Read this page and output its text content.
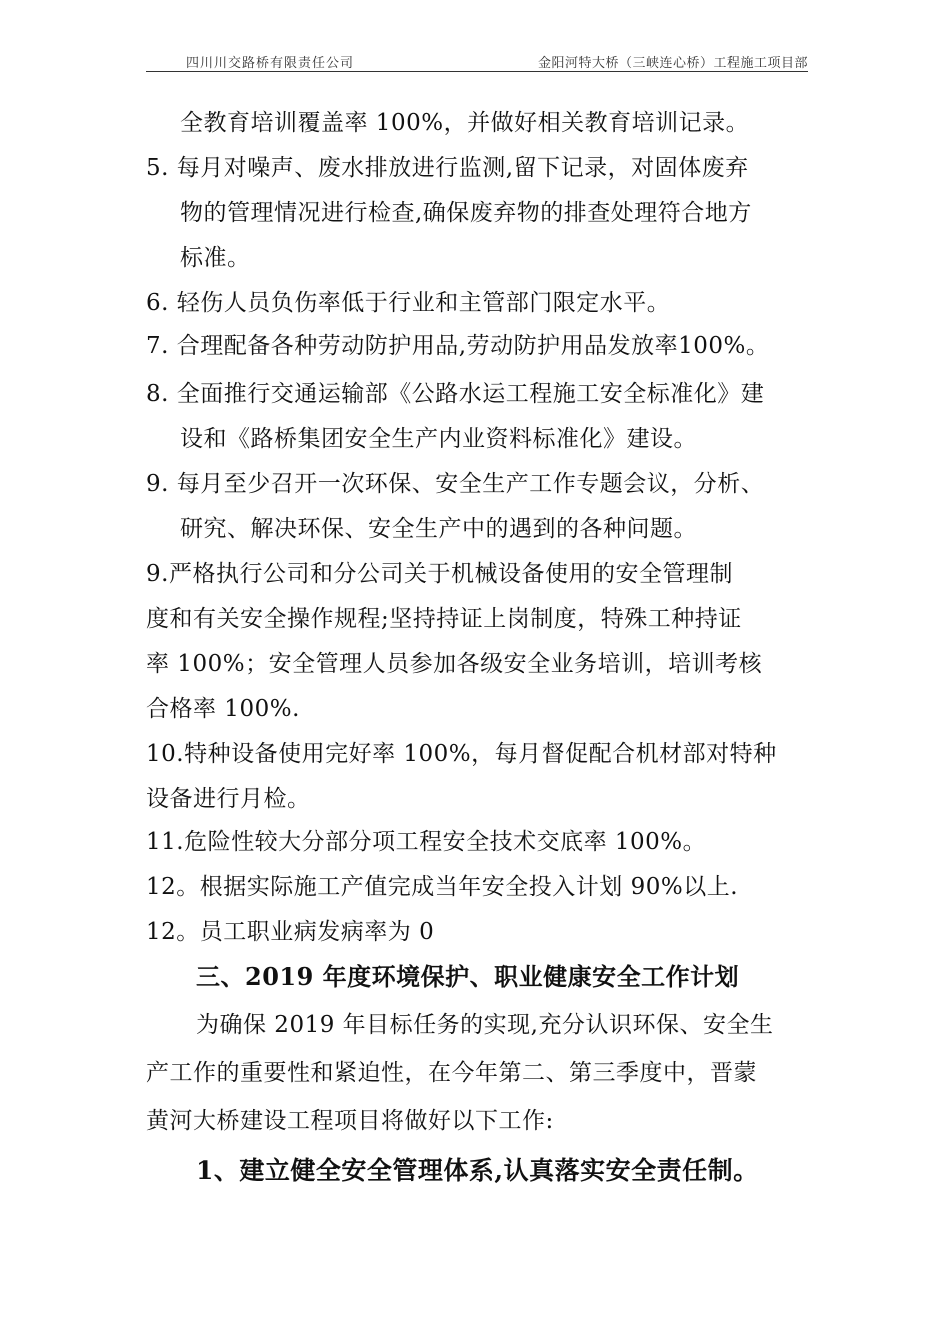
四川川交路桥有限责任公司	金阳河特大桥（三峡连心桥）工程施工项目部
全教育培训覆盖率 100%，并做好相关教育培训记录。
5. 每月对噪声、废水排放进行监测,留下记录，对固体废弃
物的管理情况进行检查,确保废弃物的排查处理符合地方
标准。
6. 轻伤人员负伤率低于行业和主管部门限定水平。
7. 合理配备各种劳动防护用品,劳动防护用品发放率100%。
8. 全面推行交通运输部《公路水运工程施工安全标准化》建
设和《路桥集团安全生产内业资料标准化》建设。
9. 每月至少召开一次环保、安全生产工作专题会议，分析、
研究、解决环保、安全生产中的遇到的各种问题。
9.严格执行公司和分公司关于机械设备使用的安全管理制
度和有关安全操作规程;坚持持证上岗制度，特殊工种持证
率 100%；安全管理人员参加各级安全业务培训，培训考核
合格率 100%.
10.特种设备使用完好率 100%，每月督促配合机材部对特种
设备进行月检。
11.危险性较大分部分项工程安全技术交底率 100%。
12。根据实际施工产值完成当年安全投入计划 90%以上.
12。员工职业病发病率为 0
三、2019 年度环境保护、职业健康安全工作计划
为确保 2019 年目标任务的实现,充分认识环保、安全生
产工作的重要性和紧迫性，在今年第二、第三季度中，晋蒙
黄河大桥建设工程项目将做好以下工作:
1、建立健全安全管理体系,认真落实安全责任制。
